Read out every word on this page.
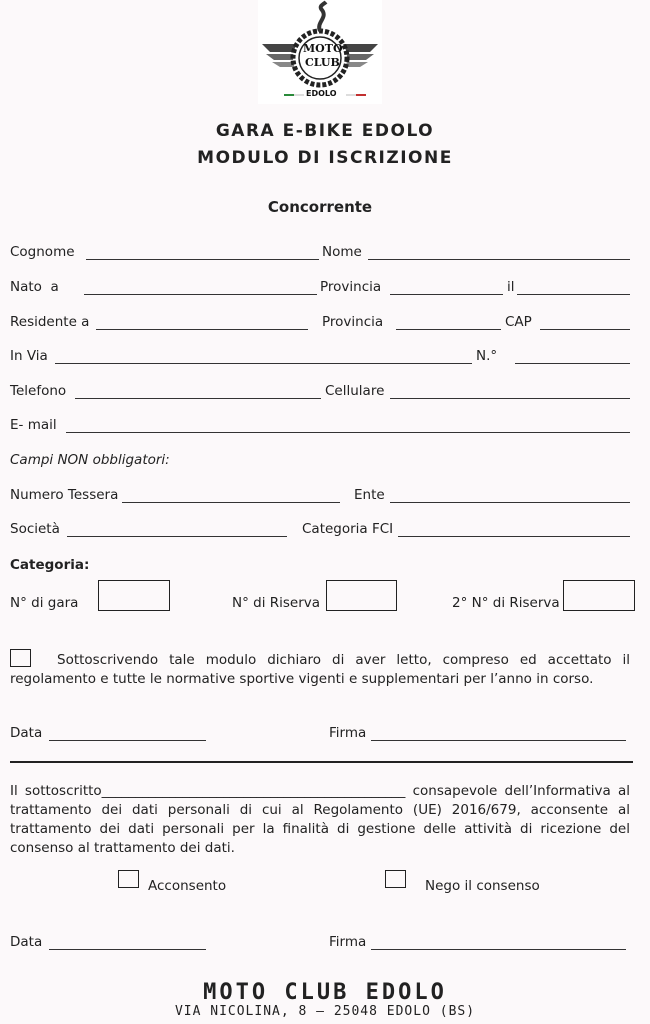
MOTO
CLUB
EDOLO
GARA E-BIKE EDOLO
MODULO DI ISCRIZIONE
Concorrente
Cognome	Nome
Nato  a	Provincia	il
Residente a	Provincia	CAP
In Via	N.°
Telefono	Cellulare
E- mail
Campi NON obbligatori:
Numero Tessera	Ente
Società	Categoria FCI
Categoria:
N° di gara	N° di Riserva	2° N° di Riserva
Sottoscrivendo tale modulo dichiaro di aver letto, compreso ed accettato il regolamento e tutte le normative sportive vigenti e supplementari per l’anno in corso.
Data	Firma
Il sottoscritto_____________________________________________ consapevole dell’Informativa al trattamento dei dati personali di cui al Regolamento (UE) 2016/679, acconsente al trattamento dei dati personali per la finalità di gestione delle attività di ricezione del consenso al trattamento dei dati.
Acconsento	Nego il consenso
Data	Firma
MOTO CLUB EDOLO
VIA NICOLINA, 8 – 25048 EDOLO (BS)
